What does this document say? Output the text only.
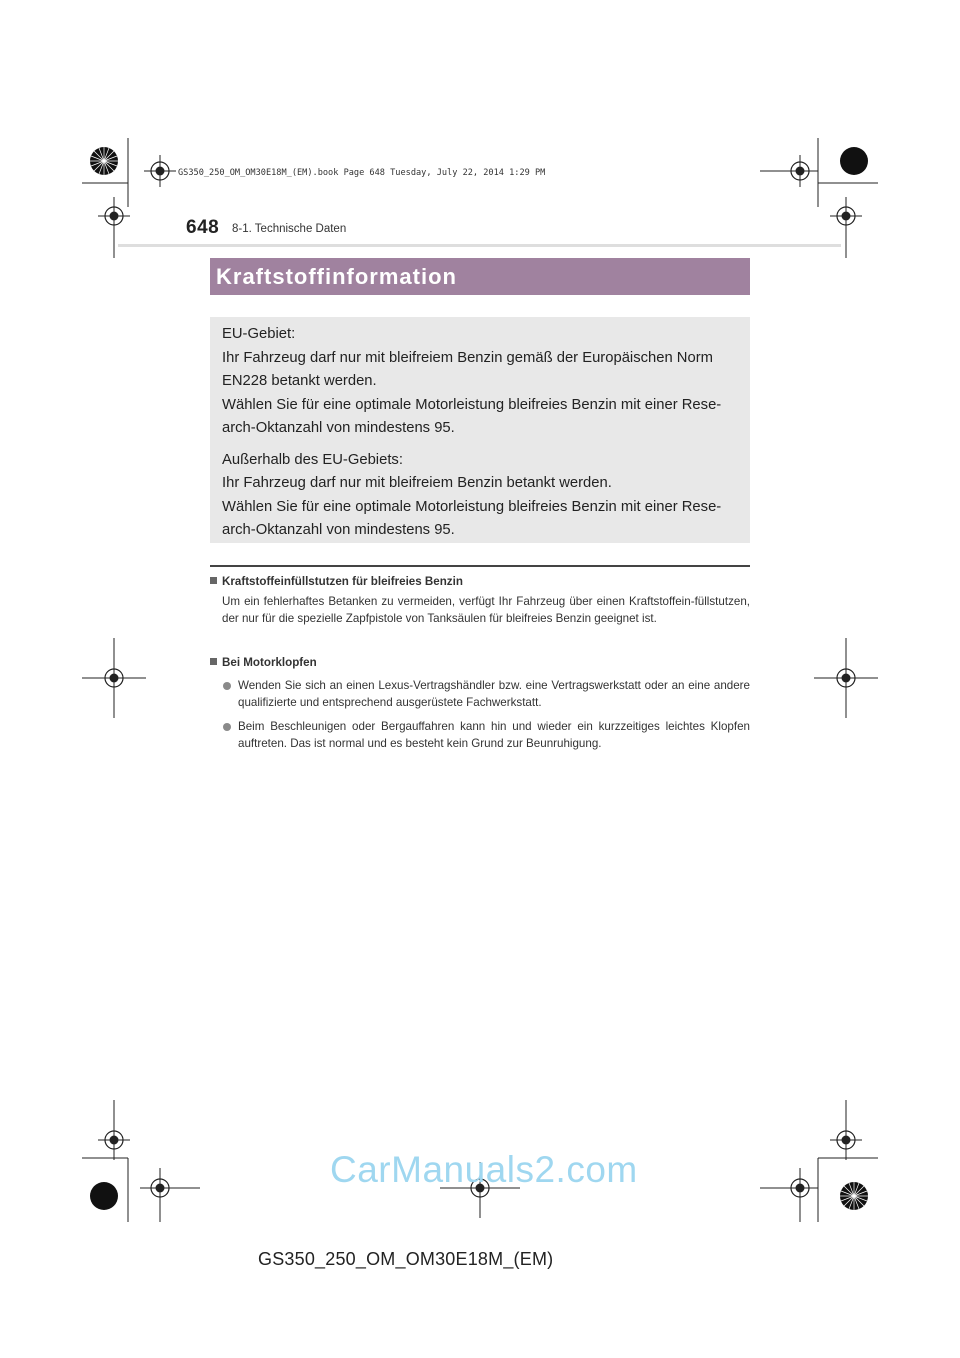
GS350_250_OM_OM30E18M_(EM).book Page 648 Tuesday, July 22, 2014 1:29 PM
648 8-1. Technische Daten
Kraftstoffinformation

EU-Gebiet:

Ihr Fahrzeug darf nur mit bleifreiem Benzin gemäß der Europäischen Norm

EN228 betankt werden.

Wählen Sie für eine optimale Motorleistung bleifreies Benzin mit einer Rese-

arch-Oktanzahl von mindestens 95.

Außerhalb des EU-Gebiets:

Ihr Fahrzeug darf nur mit bleifreiem Benzin betankt werden.

Wählen Sie für eine optimale Motorleistung bleifreies Benzin mit einer Rese-

arch-Oktanzahl von mindestens 95.

Kraftstoffeinfüllstutzen für bleifreies Benzin
Um ein fehlerhaftes Betanken zu vermeiden, verfügt Ihr Fahrzeug über einen Kraftstoffein-füllstutzen, der nur für die spezielle Zapfpistole von Tanksäulen für bleifreies Benzin geeignet ist.
Bei Motorklopfen
Wenden Sie sich an einen Lexus-Vertragshändler bzw. eine Vertragswerkstatt oder an eine andere qualifizierte und entsprechend ausgerüstete Fachwerkstatt.
Beim Beschleunigen oder Bergauffahren kann hin und wieder ein kurzzeitiges leichtes Klopfen auftreten. Das ist normal und es besteht kein Grund zur Beunruhigung.
CarManuals2.com
GS350_250_OM_OM30E18M_(EM)
